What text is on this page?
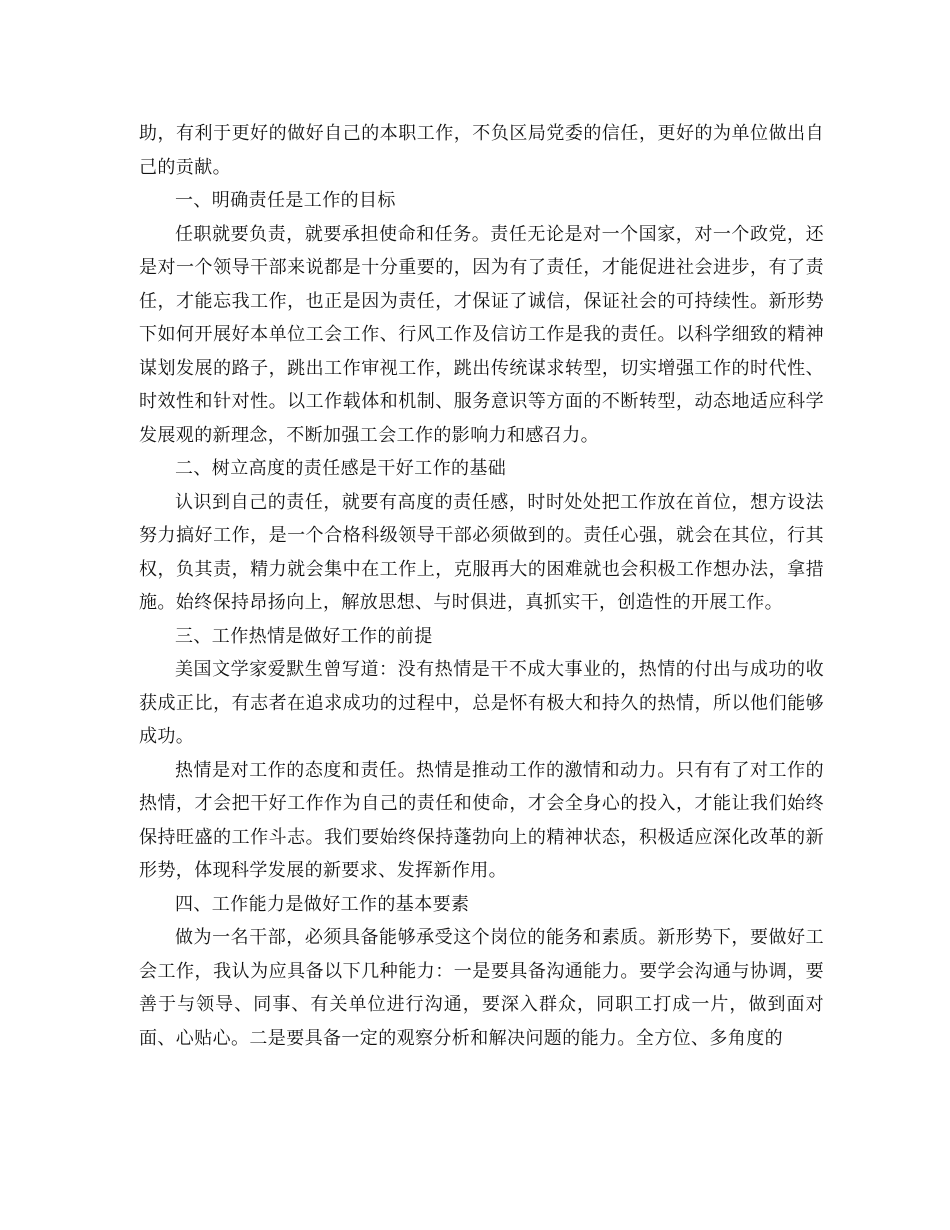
助，有利于更好的做好自己的本职工作，不负区局党委的信任，更好的为单位做出自己的贡献。

一、明确责任是工作的目标

任职就要负责，就要承担使命和任务。责任无论是对一个国家，对一个政党，还是对一个领导干部来说都是十分重要的，因为有了责任，才能促进社会进步，有了责任，才能忘我工作，也正是因为责任，才保证了诚信，保证社会的可持续性。新形势下如何开展好本单位工会工作、行风工作及信访工作是我的责任。以科学细致的精神谋划发展的路子，跳出工作审视工作，跳出传统谋求转型，切实增强工作的时代性、时效性和针对性。以工作载体和机制、服务意识等方面的不断转型，动态地适应科学发展观的新理念，不断加强工会工作的影响力和感召力。

二、树立高度的责任感是干好工作的基础

认识到自己的责任，就要有高度的责任感，时时处处把工作放在首位，想方设法努力搞好工作，是一个合格科级领导干部必须做到的。责任心强，就会在其位，行其权，负其责，精力就会集中在工作上，克服再大的困难就也会积极工作想办法，拿措施。始终保持昂扬向上，解放思想、与时俱进，真抓实干，创造性的开展工作。

三、工作热情是做好工作的前提

美国文学家爱默生曾写道：没有热情是干不成大事业的，热情的付出与成功的收获成正比，有志者在追求成功的过程中，总是怀有极大和持久的热情，所以他们能够成功。

热情是对工作的态度和责任。热情是推动工作的激情和动力。只有有了对工作的热情，才会把干好工作作为自己的责任和使命，才会全身心的投入，才能让我们始终保持旺盛的工作斗志。我们要始终保持蓬勃向上的精神状态，积极适应深化改革的新形势，体现科学发展的新要求、发挥新作用。

四、工作能力是做好工作的基本要素

做为一名干部，必须具备能够承受这个岗位的能务和素质。新形势下，要做好工会工作，我认为应具备以下几种能力：一是要具备沟通能力。要学会沟通与协调，要善于与领导、同事、有关单位进行沟通，要深入群众，同职工打成一片，做到面对面、心贴心。二是要具备一定的观察分析和解决问题的能力。全方位、多角度的
